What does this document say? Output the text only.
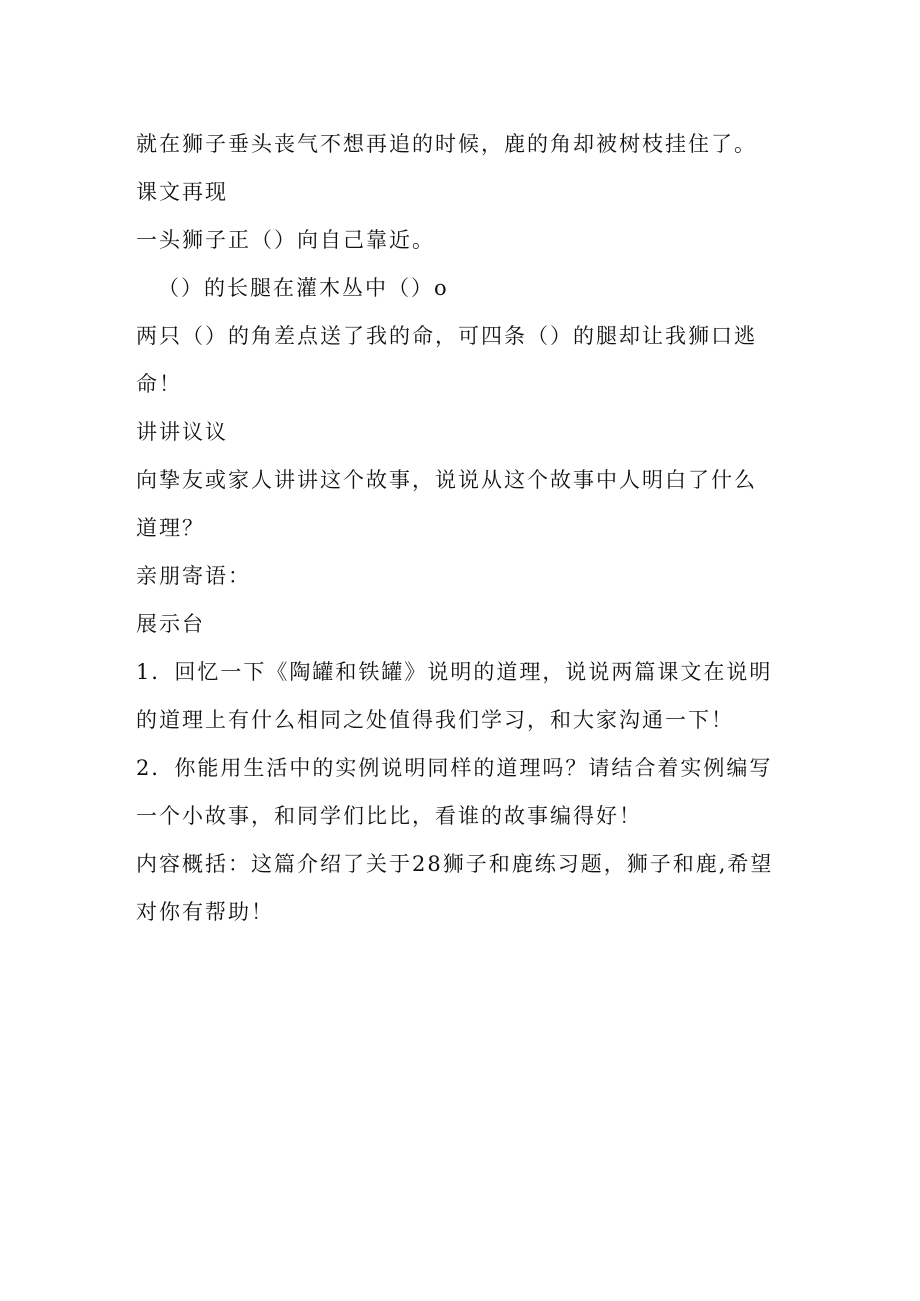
就在狮子垂头丧气不想再追的时候，鹿的角却被树枝挂住了。

课文再现

一头狮子正（）向自己靠近。

（）的长腿在灌木丛中（）o

两只（）的角差点送了我的命，可四条（）的腿却让我狮口逃

命！

讲讲议议

向挚友或家人讲讲这个故事，说说从这个故事中人明白了什么

道理？

亲朋寄语：

展示台

1．回忆一下《陶罐和铁罐》说明的道理，说说两篇课文在说明

的道理上有什么相同之处值得我们学习，和大家沟通一下！

2．你能用生活中的实例说明同样的道理吗？请结合着实例编写

一个小故事，和同学们比比，看谁的故事编得好！

内容概括：这篇介绍了关于28狮子和鹿练习题，狮子和鹿,希望

对你有帮助！
